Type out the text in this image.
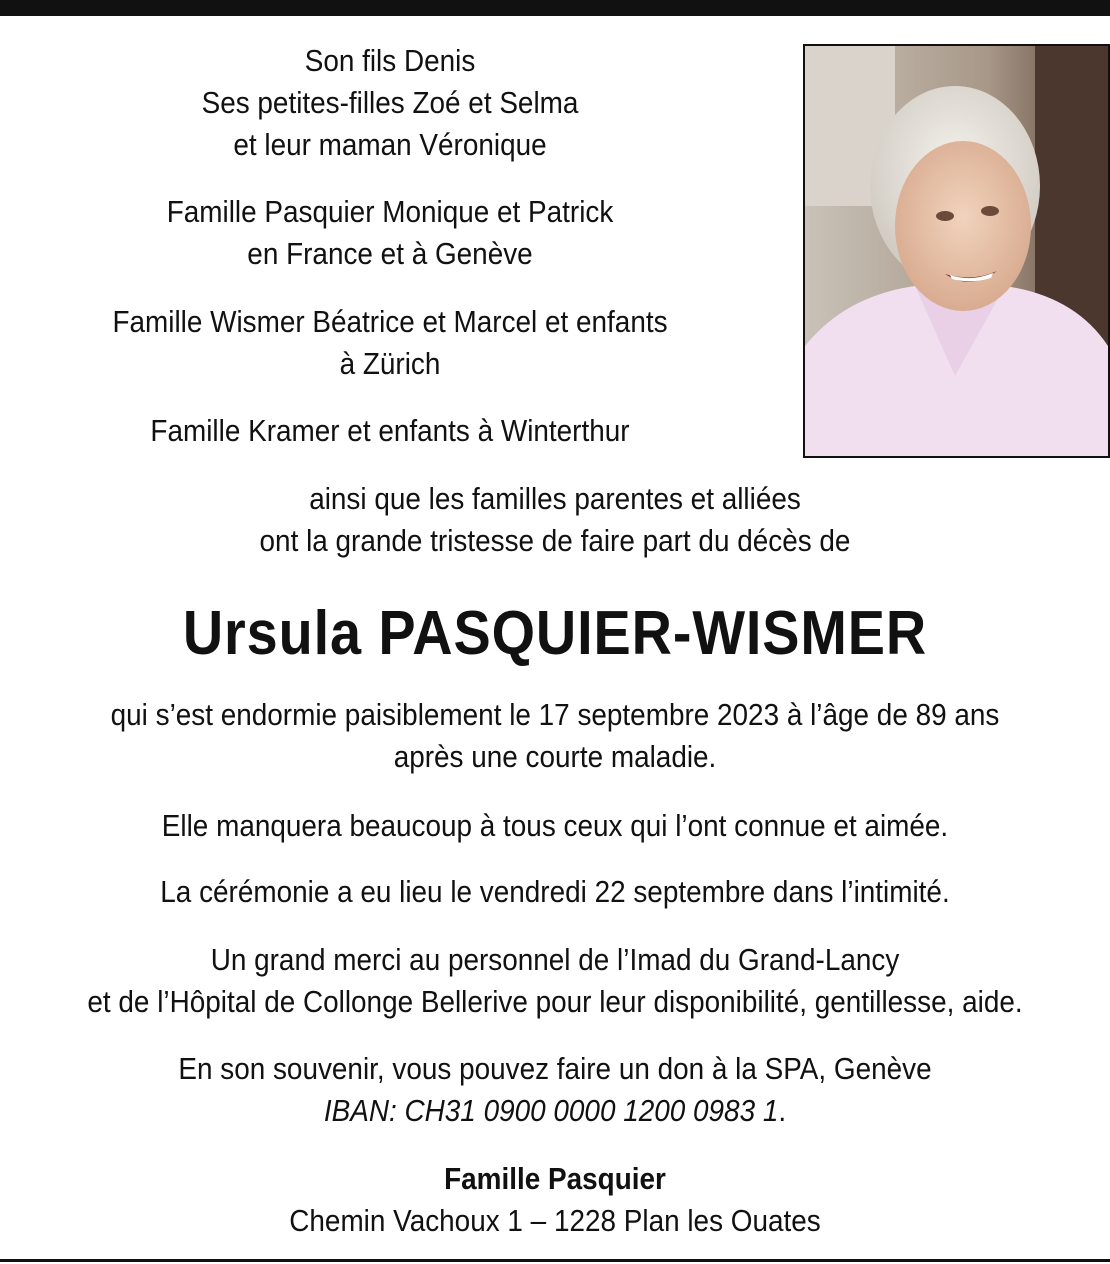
Son fils Denis
Ses petites-filles Zoé et Selma
et leur maman Véronique
Famille Pasquier Monique et Patrick
en France et à Genève
Famille Wismer Béatrice et Marcel et enfants
à Zürich
Famille Kramer et enfants à Winterthur
ainsi que les familles parentes et alliées
ont la grande tristesse de faire part du décès de
Ursula PASQUIER-WISMER
qui s’est endormie paisiblement le 17 septembre 2023 à l’âge de 89 ans
après une courte maladie.
Elle manquera beaucoup à tous ceux qui l’ont connue et aimée.
La cérémonie a eu lieu le vendredi 22 septembre dans l’intimité.
Un grand merci au personnel de l’Imad du Grand-Lancy
et de l’Hôpital de Collonge Bellerive pour leur disponibilité, gentillesse, aide.
En son souvenir, vous pouvez faire un don à la SPA, Genève
IBAN: CH31 0900 0000 1200 0983 1.
Famille Pasquier
Chemin Vachoux 1 – 1228 Plan les Ouates
